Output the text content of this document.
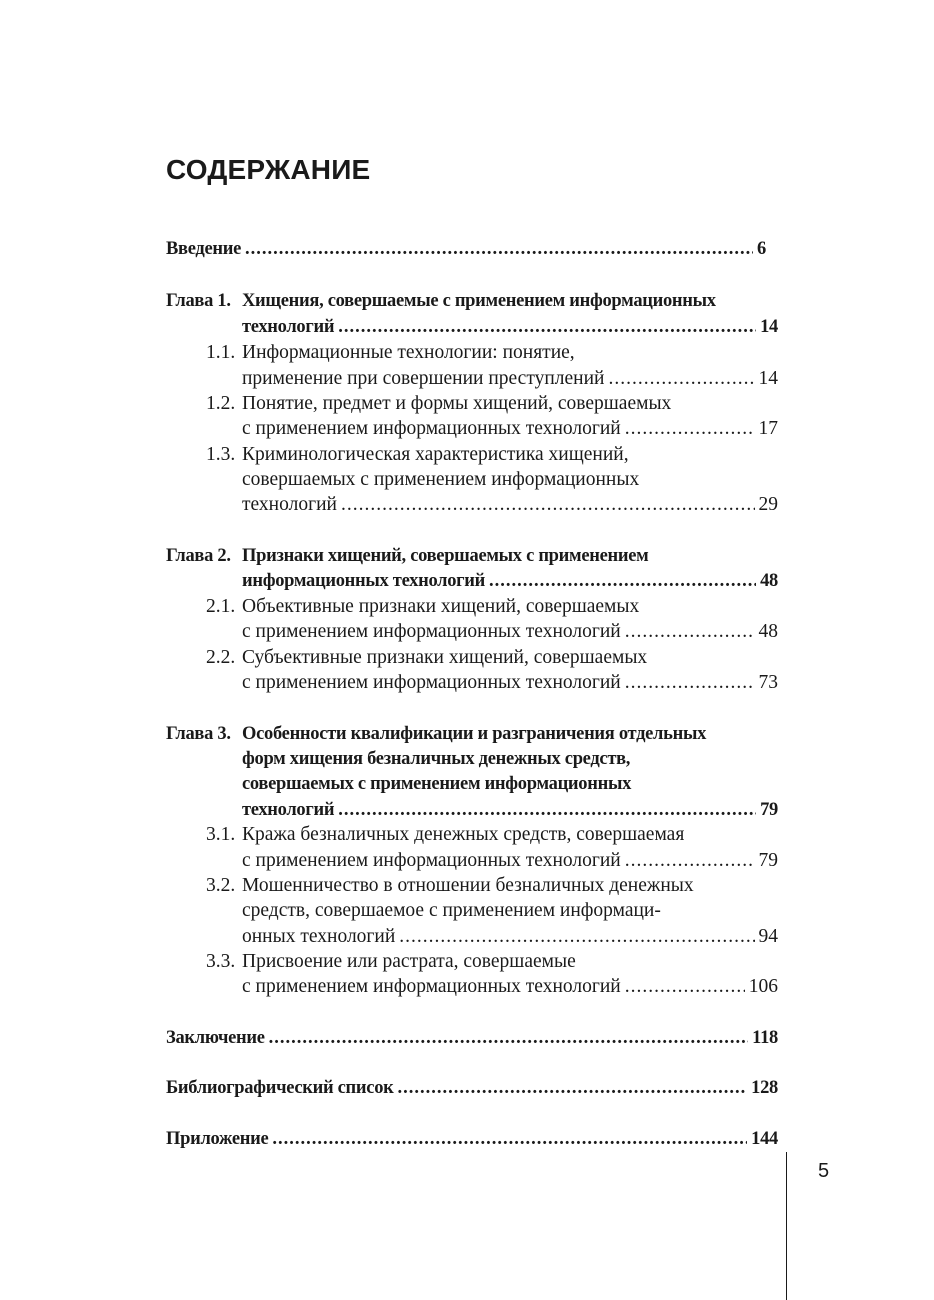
СОДЕРЖАНИЕ
Введение .....	6
Глава 1. Хищения, совершаемые с применением информационных
технологий .....	14
1.1. Информационные технологии: понятие,
применение при совершении преступлений .....	14
1.2. Понятие, предмет и формы хищений, совершаемых
с применением информационных технологий .....	17
1.3. Криминологическая характеристика хищений,
совершаемых с применением информационных
технологий .....	29
Глава 2. Признаки хищений, совершаемых с применением
информационных технологий .....	48
2.1. Объективные признаки хищений, совершаемых
с применением информационных технологий .....	48
2.2. Субъективные признаки хищений, совершаемых
с применением информационных технологий .....	73
Глава 3. Особенности квалификации и разграничения отдельных
форм хищения безналичных денежных средств,
совершаемых с применением информационных
технологий .....	79
3.1. Кража безналичных денежных средств, совершаемая
с применением информационных технологий .....	79
3.2. Мошенничество в отношении безналичных денежных
средств, совершаемое с применением информаци-
онных технологий .....	94
3.3. Присвоение или растрата, совершаемые
с применением информационных технологий .....	106
Заключение .....	118
Библиографический список .....	128
Приложение .....	144
5
